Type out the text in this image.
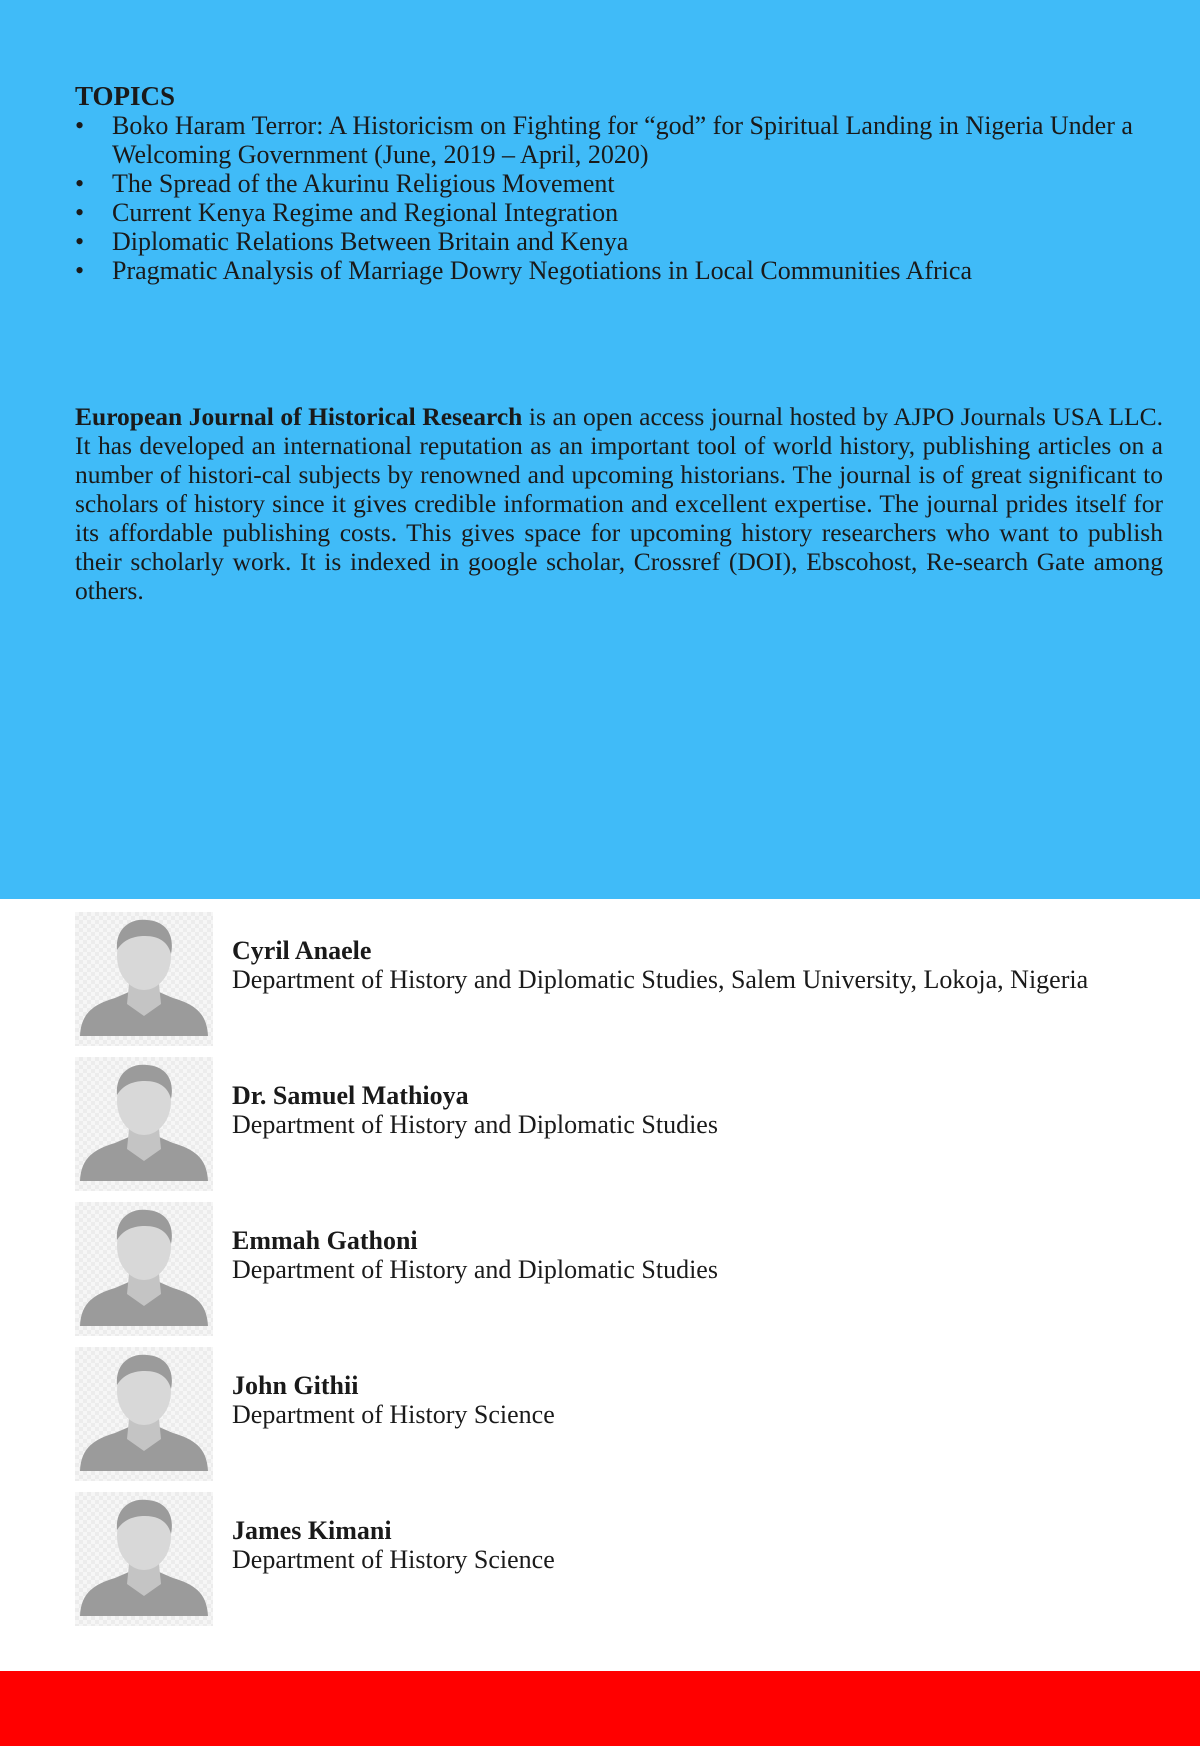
TOPICS
• Boko Haram Terror: A Historicism on Fighting for “god” for Spiritual Landing in Nigeria Under a Welcoming Government (June, 2019 – April, 2020)
• The Spread of the Akurinu Religious Movement
• Current Kenya Regime and Regional Integration
• Diplomatic Relations Between Britain and Kenya
• Pragmatic Analysis of Marriage Dowry Negotiations in Local Communities Africa

European Journal of Historical Research is an open access journal hosted by AJPO Journals USA LLC. It has developed an international reputation as an important tool of world history, publishing articles on a number of histori-cal subjects by renowned and upcoming historians. The journal is of great significant to scholars of history since it gives credible information and excellent expertise. The journal prides itself for its affordable publishing costs. This gives space for upcoming history researchers who want to publish their scholarly work. It is indexed in google scholar, Crossref (DOI), Ebscohost, Re-search Gate among others.

Cyril Anaele
Department of History and Diplomatic Studies, Salem University, Lokoja, Nigeria
Dr. Samuel Mathioya
Department of History and Diplomatic Studies
Emmah Gathoni
Department of History and Diplomatic Studies
John Githii
Department of History Science
James Kimani
Department of History Science
